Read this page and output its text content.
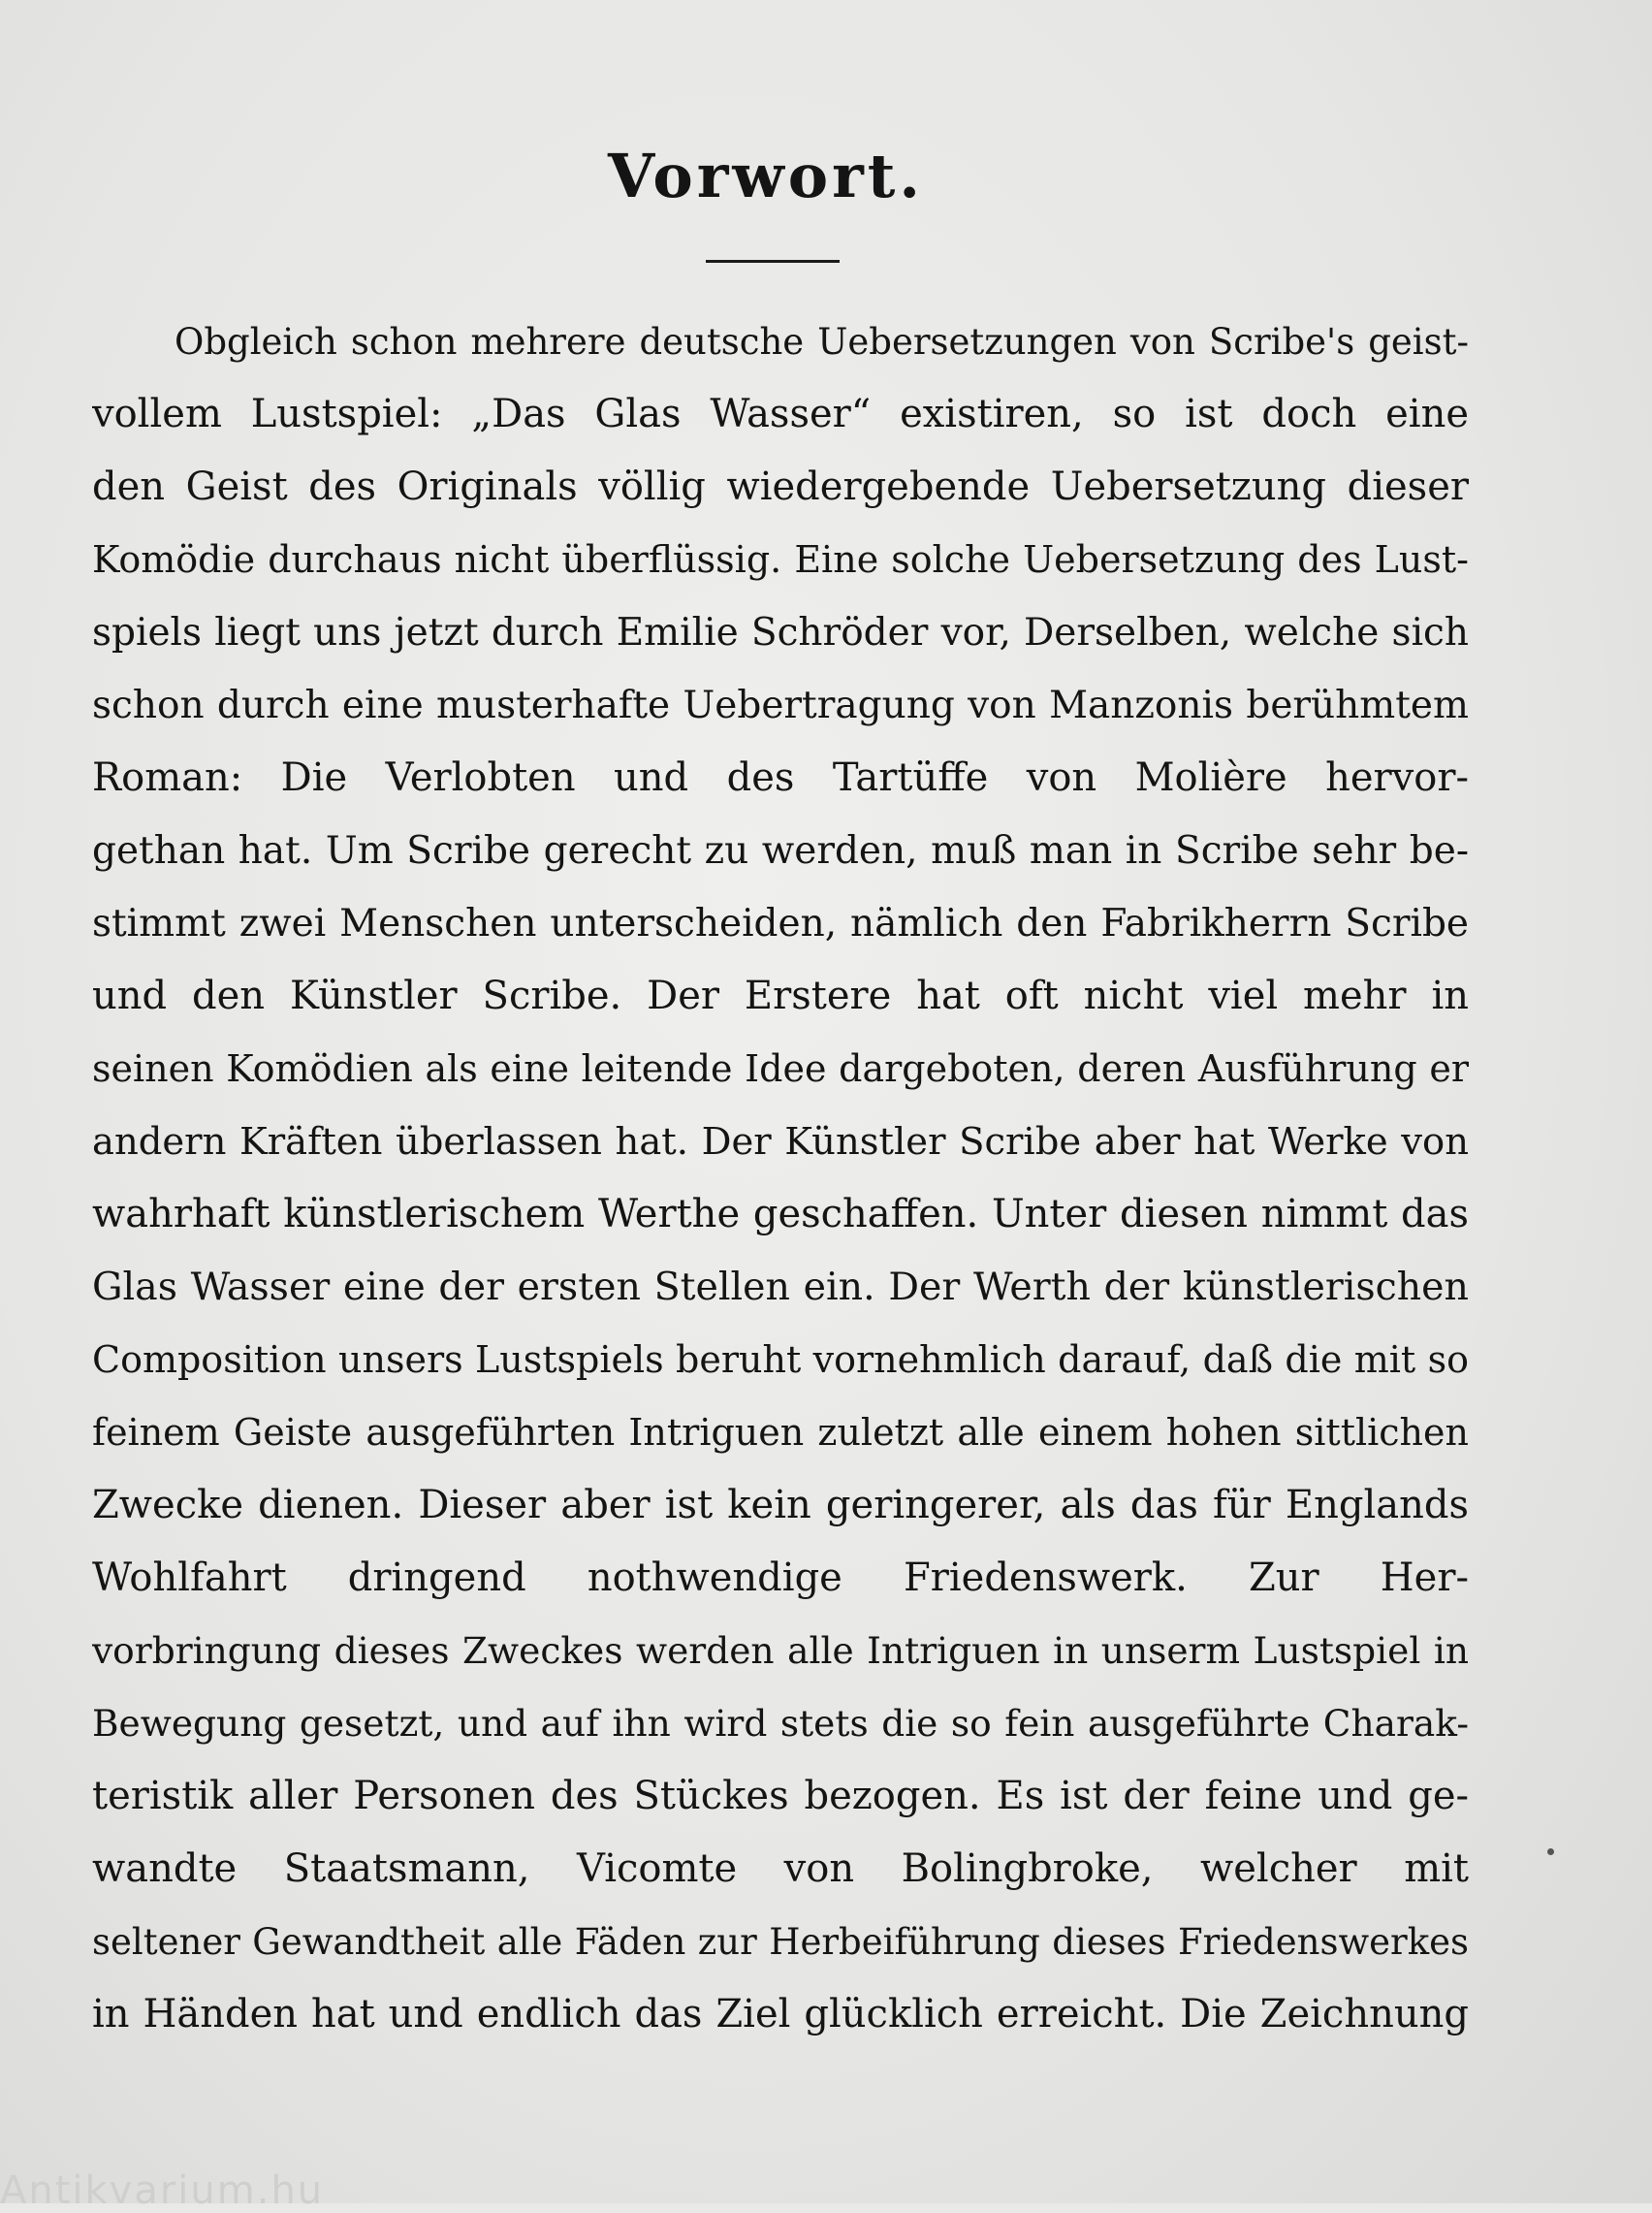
Vorwort.
Obgleich schon mehrere deutsche Uebersetzungen von Scribe's geist-
vollem Lustspiel: „Das Glas Wasser“ existiren, so ist doch eine
den Geist des Originals völlig wiedergebende Uebersetzung dieser
Komödie durchaus nicht überflüssig. Eine solche Uebersetzung des Lust-
spiels liegt uns jetzt durch Emilie Schröder vor, Derselben, welche sich
schon durch eine musterhafte Uebertragung von Manzonis berühmtem
Roman: Die Verlobten und des Tartüffe von Molière hervor-
gethan hat. Um Scribe gerecht zu werden, muß man in Scribe sehr be-
stimmt zwei Menschen unterscheiden, nämlich den Fabrikherrn Scribe
und den Künstler Scribe. Der Erstere hat oft nicht viel mehr in
seinen Komödien als eine leitende Idee dargeboten, deren Ausführung er
andern Kräften überlassen hat. Der Künstler Scribe aber hat Werke von
wahrhaft künstlerischem Werthe geschaffen. Unter diesen nimmt das
Glas Wasser eine der ersten Stellen ein. Der Werth der künstlerischen
Composition unsers Lustspiels beruht vornehmlich darauf, daß die mit so
feinem Geiste ausgeführten Intriguen zuletzt alle einem hohen sittlichen
Zwecke dienen. Dieser aber ist kein geringerer, als das für Englands
Wohlfahrt dringend nothwendige Friedenswerk. Zur Her-
vorbringung dieses Zweckes werden alle Intriguen in unserm Lustspiel in
Bewegung gesetzt, und auf ihn wird stets die so fein ausgeführte Charak-
teristik aller Personen des Stückes bezogen. Es ist der feine und ge-
wandte Staatsmann, Vicomte von Bolingbroke, welcher mit
seltener Gewandtheit alle Fäden zur Herbeiführung dieses Friedenswerkes
in Händen hat und endlich das Ziel glücklich erreicht. Die Zeichnung
Antikvarium.hu
